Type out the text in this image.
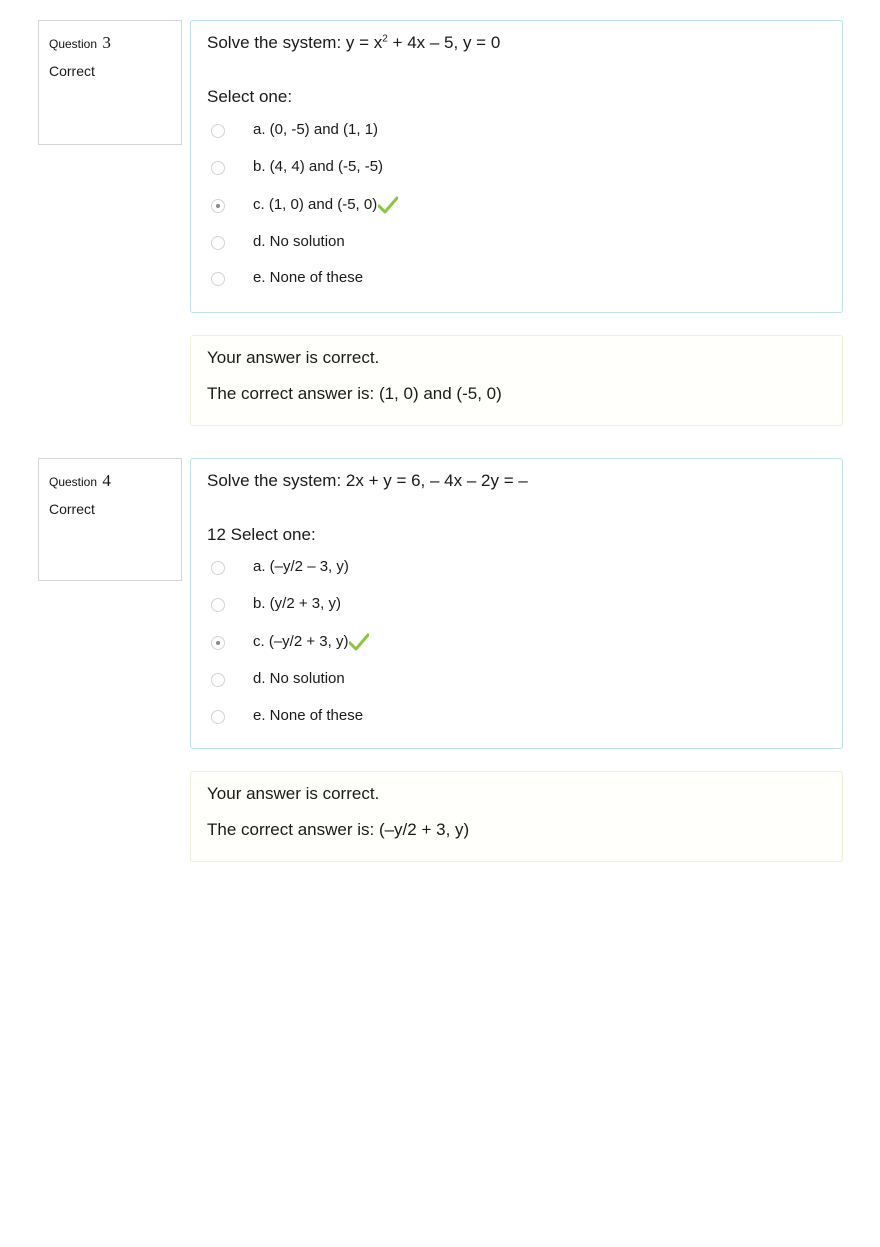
Question 3
Correct
Solve the system: $y = x^2 + 4x - 5$, y = 0
Select one:
a. (0, -5) and (1, 1)
b. (4, 4) and (-5, -5)
c. (1, 0) and (-5, 0)
d. No solution
e. None of these
Your answer is correct.
The correct answer is: (1, 0) and (-5, 0)
Question 4
Correct
Solve the system: 2x + y = 6, – 4x – 2y = –
12 Select one:
a. (–y/2 – 3, y)
b. (y/2 + 3, y)
c. (–y/2 + 3, y)
d. No solution
e. None of these
Your answer is correct.
The correct answer is: (–y/2 + 3, y)
